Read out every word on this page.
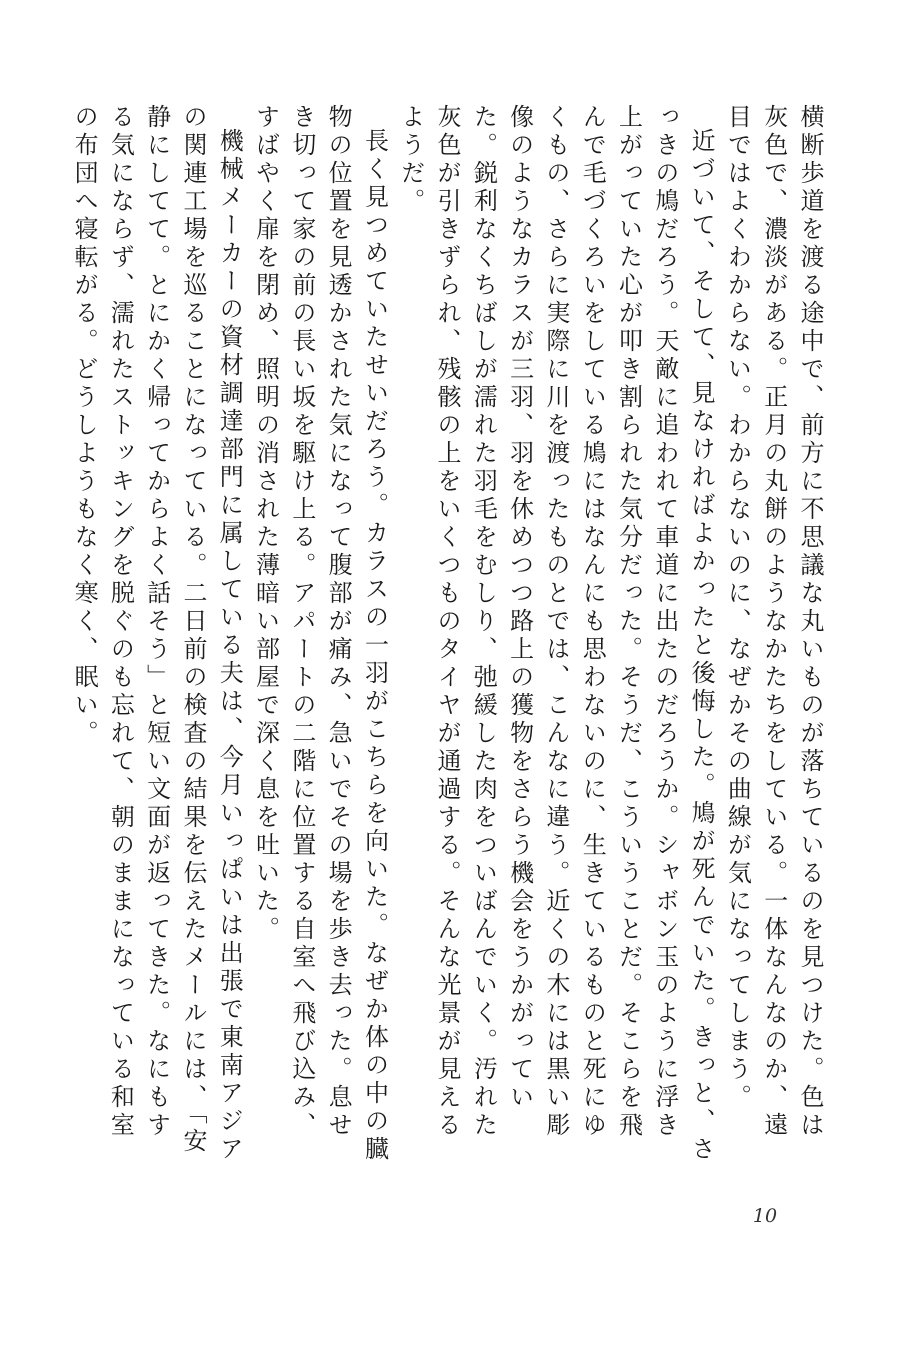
横断歩道を渡る途中で、前方に不思議な丸いものが落ちているのを見つけた。色は灰色で、濃淡がある。正月の丸餅のようなかたちをしている。一体なんなのか、遠目ではよくわからない。わからないのに、なぜかその曲線が気になってしまう。

近づいて、そして、見なければよかったと後悔した。鳩が死んでいた。きっと、さっきの鳩だろう。天敵に追われて車道に出たのだろうか。シャボン玉のように浮き上がっていた心が叩き割られた気分だった。そうだ、こういうことだ。そこらを飛んで毛づくろいをしている鳩にはなんにも思わないのに、生きているものと死にゆくもの、さらに実際に川を渡ったものとでは、こんなに違う。近くの木には黒い彫像のようなカラスが三羽、羽を休めつつ路上の獲物をさらう機会をうかがっていた。鋭利なくちばしが濡れた羽毛をむしり、弛緩した肉をついばんでいく。汚れた灰色が引きずられ、残骸の上をいくつものタイヤが通過する。そんな光景が見えるようだ。

長く見つめていたせいだろう。カラスの一羽がこちらを向いた。なぜか体の中の臓物の位置を見透かされた気になって腹部が痛み、急いでその場を歩き去った。息せき切って家の前の長い坂を駆け上る。アパートの二階に位置する自室へ飛び込み、すばやく扉を閉め、照明の消された薄暗い部屋で深く息を吐いた。

機械メーカーの資材調達部門に属している夫は、今月いっぱいは出張で東南アジアの関連工場を巡ることになっている。二日前の検査の結果を伝えたメールには、「安静にしてて。とにかく帰ってからよく話そう」と短い文面が返ってきた。なにもする気にならず、濡れたストッキングを脱ぐのも忘れて、朝のままになっている和室の布団へ寝転がる。どうしようもなく寒く、眠い。

10
